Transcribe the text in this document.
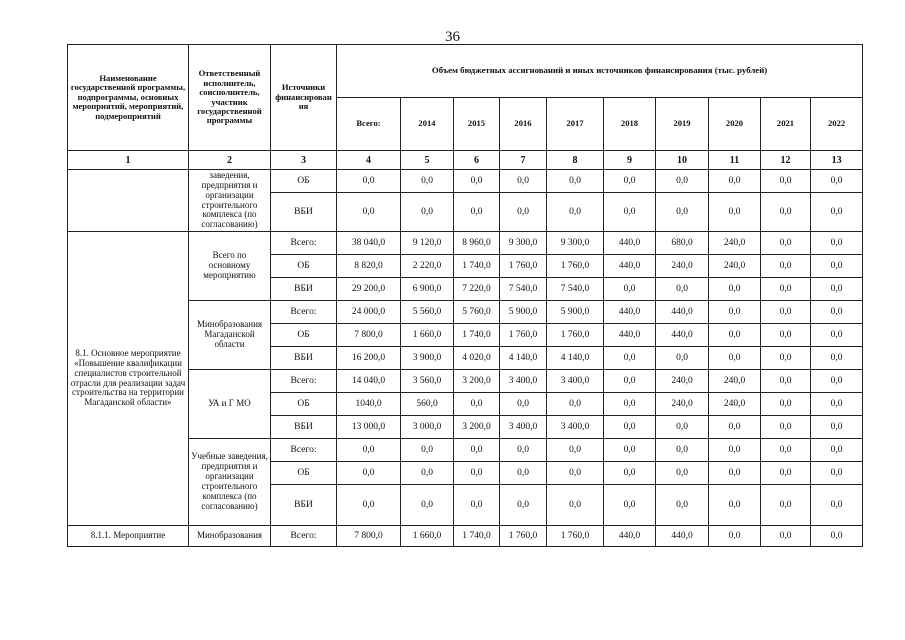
36
Наименование государственной программы, подпрограммы, основных мероприятий, мероприятий, подмероприятий	Ответственный исполнитель, соисполнитель, участник государственной программы	Источники финансирования	Объем бюджетных ассигнований и иных источников финансирования (тыс. рублей)									
			Всего:	2014	2015	2016	2017	2018	2019	2020	2021	2022
1	2	3	4	5	6	7	8	9	10	11	12	13
	заведения, предприятия и организации строительного комплекса (по согласованию)	ОБ	0,0	0,0	0,0	0,0	0,0	0,0	0,0	0,0	0,0	0,0
		ВБИ	0,0	0,0	0,0	0,0	0,0	0,0	0,0	0,0	0,0	0,0
8.1. Основное мероприятие «Повышение квалификации специалистов строительной отрасли для реализации задач строительства на территории Магаданской области»	Всего по основному мероприятию	Всего:	38 040,0	9 120,0	8 960,0	9 300,0	9 300,0	440,0	680,0	240,0	0,0	0,0
		ОБ	8 820,0	2 220,0	1 740,0	1 760,0	1 760,0	440,0	240,0	240,0	0,0	0,0
		ВБИ	29 200,0	6 900,0	7 220,0	7 540,0	7 540,0	0,0	0,0	0,0	0,0	0,0
	Минобразования Магаданской области	Всего:	24 000,0	5 560,0	5 760,0	5 900,0	5 900,0	440,0	440,0	0,0	0,0	0,0
		ОБ	7 800,0	1 660,0	1 740,0	1 760,0	1 760,0	440,0	440,0	0,0	0,0	0,0
		ВБИ	16 200,0	3 900,0	4 020,0	4 140,0	4 140,0	0,0	0,0	0,0	0,0	0,0
	УА и Г МО	Всего:	14 040,0	3 560,0	3 200,0	3 400,0	3 400,0	0,0	240,0	240,0	0,0	0,0
		ОБ	1040,0	560,0	0,0	0,0	0,0	0,0	240,0	240,0	0,0	0,0
		ВБИ	13 000,0	3 000,0	3 200,0	3 400,0	3 400,0	0,0	0,0	0,0	0,0	0,0
	Учебные заведения, предприятия и организации строительного комплекса (по согласованию)	Всего:	0,0	0,0	0,0	0,0	0,0	0,0	0,0	0,0	0,0	0,0
		ОБ	0,0	0,0	0,0	0,0	0,0	0,0	0,0	0,0	0,0	0,0
		ВБИ	0,0	0,0	0,0	0,0	0,0	0,0	0,0	0,0	0,0	0,0
8.1.1. Мероприятие	Минобразования	Всего:	7 800,0	1 660,0	1 740,0	1 760,0	1 760,0	440,0	440,0	0,0	0,0	0,0
